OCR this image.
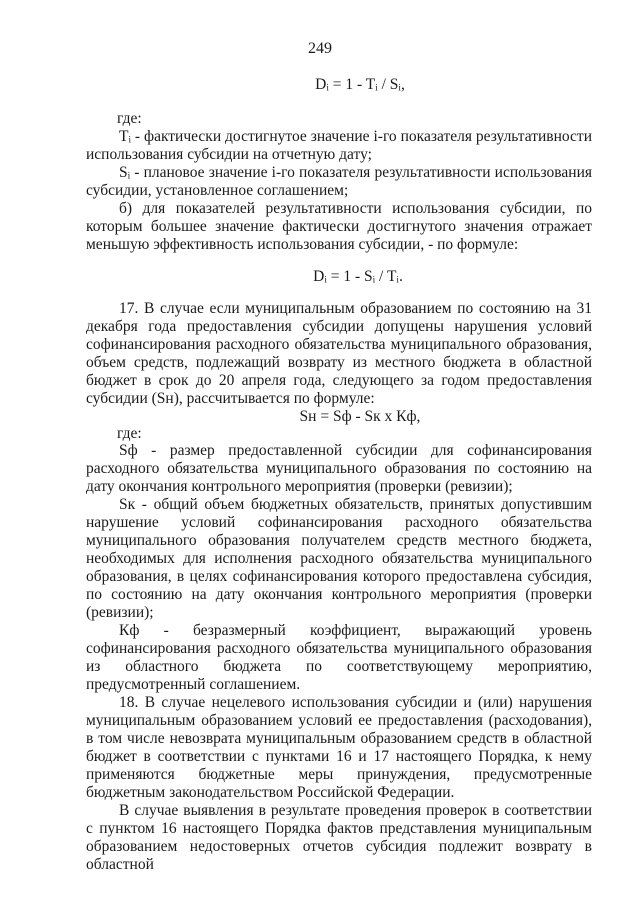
249
Dᵢ = 1 - Tᵢ / Sᵢ,
где:

Tᵢ - фактически достигнутое значение i-го показателя результативности использования субсидии на отчетную дату;

Sᵢ - плановое значение i-го показателя результативности использования субсидии, установленное соглашением;

б) для показателей результативности использования субсидии, по которым большее значение фактически достигнутого значения отражает меньшую эффективность использования субсидии, - по формуле:

Dᵢ = 1 - Sᵢ / Tᵢ.

17. В случае если муниципальным образованием по состоянию на 31 декабря года предоставления субсидии допущены нарушения условий софинансирования расходного обязательства муниципального образования, объем средств, подлежащий возврату из местного бюджета в областной бюджет в срок до 20 апреля года, следующего за годом предоставления субсидии (Sн), рассчитывается по формуле:

Sн = Sф - Sк x Кф,
где:

Sф - размер предоставленной субсидии для софинансирования расходного обязательства муниципального образования по состоянию на дату окончания контрольного мероприятия (проверки (ревизии);

Sк - общий объем бюджетных обязательств, принятых допустившим нарушение условий софинансирования расходного обязательства муниципального образования получателем средств местного бюджета, необходимых для исполнения расходного обязательства муниципального образования, в целях софинансирования которого предоставлена субсидия, по состоянию на дату окончания контрольного мероприятия (проверки (ревизии);

Кф - безразмерный коэффициент, выражающий уровень софинансирования расходного обязательства муниципального образования из областного бюджета по соответствующему мероприятию, предусмотренный соглашением.

18. В случае нецелевого использования субсидии и (или) нарушения муниципальным образованием условий ее предоставления (расходования), в том числе невозврата муниципальным образованием средств в областной бюджет в соответствии с пунктами 16 и 17 настоящего Порядка, к нему применяются бюджетные меры принуждения, предусмотренные бюджетным законодательством Российской Федерации.

В случае выявления в результате проведения проверок в соответствии с пунктом 16 настоящего Порядка фактов представления муниципальным образованием недостоверных отчетов субсидия подлежит возврату в областной
